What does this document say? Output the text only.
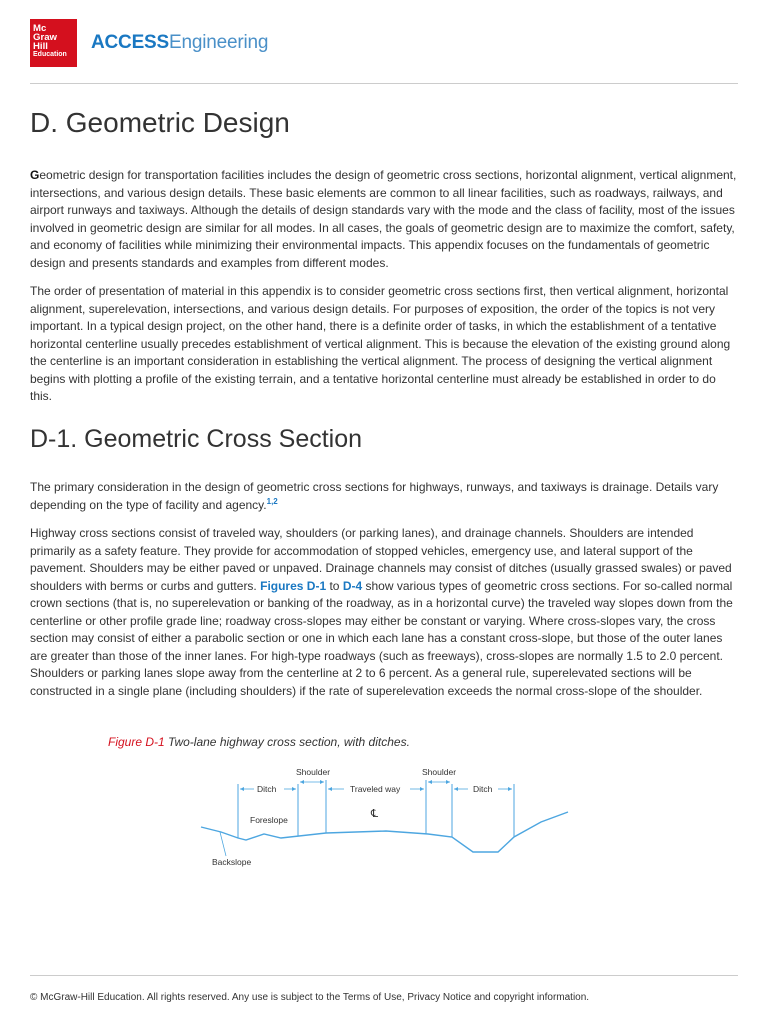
Mc
Graw
Hill
Education
ACCESSEngineering
D. Geometric Design

Geometric design for transportation facilities includes the design of geometric cross sections, horizontal alignment, vertical alignment, intersections, and various design details. These basic elements are common to all linear facilities, such as roadways, railways, and airport runways and taxiways. Although the details of design standards vary with the mode and the class of facility, most of the issues involved in geometric design are similar for all modes. In all cases, the goals of geometric design are to maximize the comfort, safety, and economy of facilities while minimizing their environmental impacts. This appendix focuses on the fundamentals of geometric design and presents standards and examples from different modes.

The order of presentation of material in this appendix is to consider geometric cross sections first, then vertical alignment, horizontal alignment, superelevation, intersections, and various design details. For purposes of exposition, the order of the topics is not very important. In a typical design project, on the other hand, there is a definite order of tasks, in which the establishment of a tentative horizontal centerline usually precedes establishment of vertical alignment. This is because the elevation of the existing ground along the centerline is an important consideration in establishing the vertical alignment. The process of designing the vertical alignment begins with plotting a profile of the existing terrain, and a tentative horizontal centerline must already be established in order to do this.

D-1. Geometric Cross Section

The primary consideration in the design of geometric cross sections for highways, runways, and taxiways is drainage. Details vary depending on the type of facility and agency.$^{1,2}$

Highway cross sections consist of traveled way, shoulders (or parking lanes), and drainage channels. Shoulders are intended primarily as a safety feature. They provide for accommodation of stopped vehicles, emergency use, and lateral support of the pavement. Shoulders may be either paved or unpaved. Drainage channels may consist of ditches (usually grassed swales) or paved shoulders with berms or curbs and gutters. Figures D-1 to D-4 show various types of geometric cross sections. For so-called normal crown sections (that is, no superelevation or banking of the roadway, as in a horizontal curve) the traveled way slopes down from the centerline or other profile grade line; roadway cross-slopes may either be constant or varying. Where cross-slopes vary, the cross section may consist of either a parabolic section or one in which each lane has a constant cross-slope, but those of the outer lanes are greater than those of the inner lanes. For high-type roadways (such as freeways), cross-slopes are normally 1.5 to 2.0 percent. Shoulders or parking lanes slope away from the centerline at 2 to 6 percent. As a general rule, superelevated sections will be constructed in a single plane (including shoulders) if the rate of superelevation exceeds the normal cross-slope of the shoulder.

Figure D-1 Two-lane highway cross section, with ditches.
Shoulder	Shoulder
Ditch	Traveled way	Ditch
℄
Foreslope
Backslope
© McGraw-Hill Education. All rights reserved. Any use is subject to the Terms of Use, Privacy Notice and copyright information.
